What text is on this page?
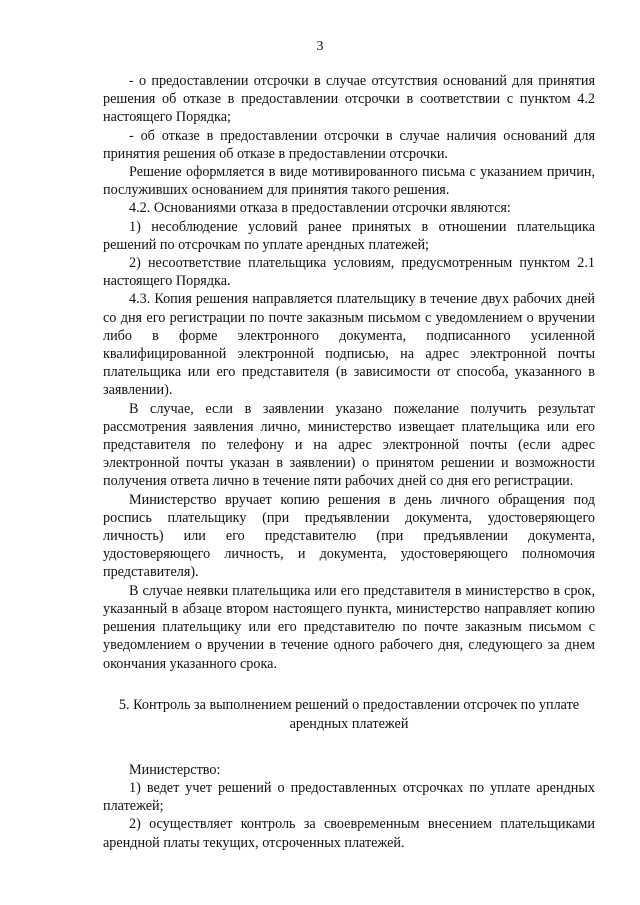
3

- о предоставлении отсрочки в случае отсутствия оснований для принятия решения об отказе в предоставлении отсрочки в соответствии с пунктом 4.2 настоящего Порядка;

- об отказе в предоставлении отсрочки в случае наличия оснований для принятия решения об отказе в предоставлении отсрочки.

Решение оформляется в виде мотивированного письма с указанием причин, послуживших основанием для принятия такого решения.

4.2. Основаниями отказа в предоставлении отсрочки являются:

1) несоблюдение условий ранее принятых в отношении плательщика решений по отсрочкам по уплате арендных платежей;

2) несоответствие плательщика условиям, предусмотренным пунктом 2.1 настоящего Порядка.

4.3. Копия решения направляется плательщику в течение двух рабочих дней со дня его регистрации по почте заказным письмом с уведомлением о вручении либо в форме электронного документа, подписанного усиленной квалифицированной электронной подписью, на адрес электронной почты плательщика или его представителя (в зависимости от способа, указанного в заявлении).

В случае, если в заявлении указано пожелание получить результат рассмотрения заявления лично, министерство извещает плательщика или его представителя по телефону и на адрес электронной почты (если адрес электронной почты указан в заявлении) о принятом решении и возможности получения ответа лично в течение пяти рабочих дней со дня его регистрации.

Министерство вручает копию решения в день личного обращения под роспись плательщику (при предъявлении документа, удостоверяющего личность) или его представителю (при предъявлении документа, удостоверяющего личность, и документа, удостоверяющего полномочия представителя).

В случае неявки плательщика или его представителя в министерство в срок, указанный в абзаце втором настоящего пункта, министерство направляет копию решения плательщику или его представителю по почте заказным письмом с уведомлением о вручении в течение одного рабочего дня, следующего за днем окончания указанного срока.

5. Контроль за выполнением решений о предоставлении отсрочек по уплате
арендных платежей

Министерство:

1) ведет учет решений о предоставленных отсрочках по уплате арендных платежей;

2) осуществляет контроль за своевременным внесением плательщиками арендной платы текущих, отсроченных платежей.
